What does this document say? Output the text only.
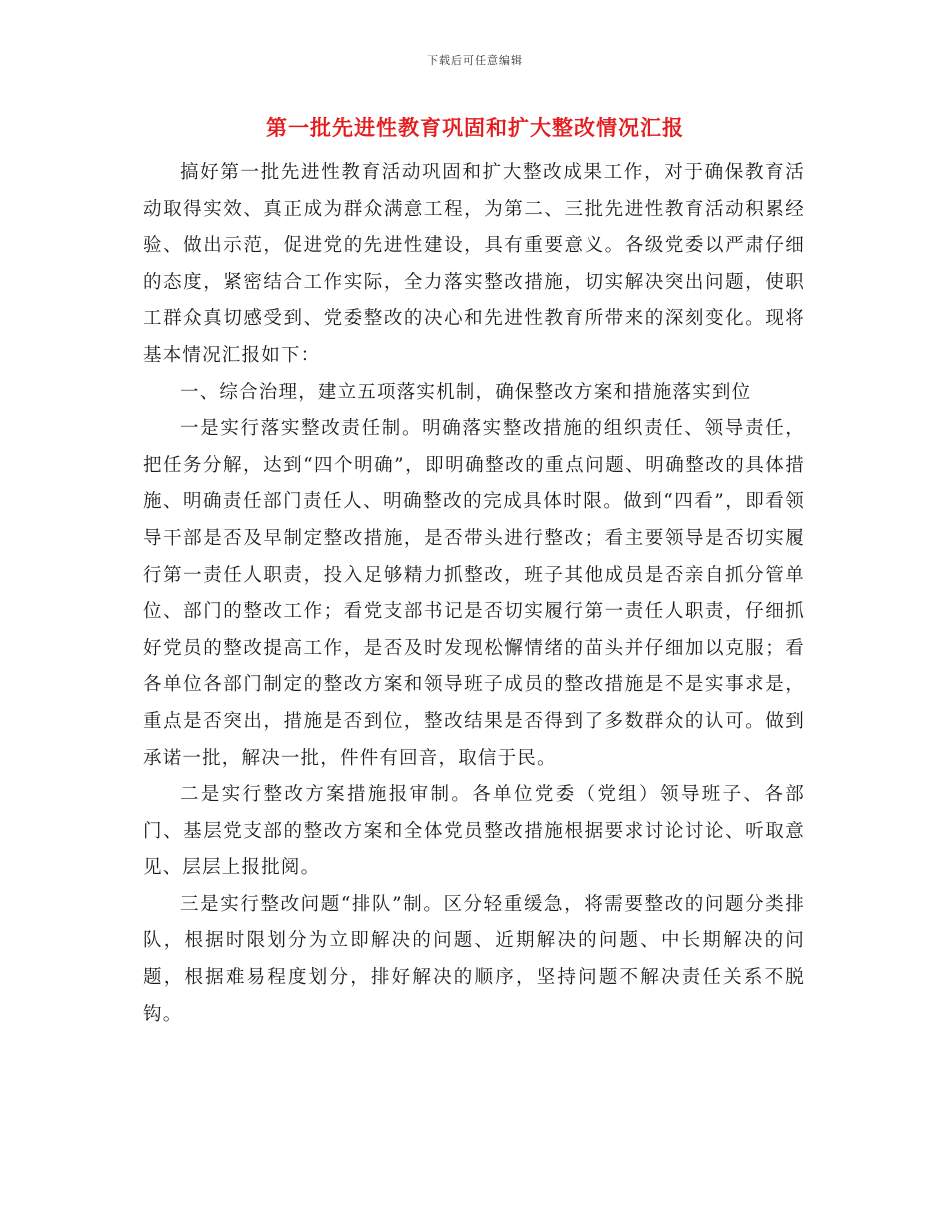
下载后可任意编辑
第一批先进性教育巩固和扩大整改情况汇报

搞好第一批先进性教育活动巩固和扩大整改成果工作，对于确保教育活动取得实效、真正成为群众满意工程，为第二、三批先进性教育活动积累经验、做出示范，促进党的先进性建设，具有重要意义。各级党委以严肃仔细的态度，紧密结合工作实际，全力落实整改措施，切实解决突出问题，使职工群众真切感受到、党委整改的决心和先进性教育所带来的深刻变化。现将基本情况汇报如下：

一、综合治理，建立五项落实机制，确保整改方案和措施落实到位

一是实行落实整改责任制。明确落实整改措施的组织责任、领导责任，把任务分解，达到“四个明确”，即明确整改的重点问题、明确整改的具体措施、明确责任部门责任人、明确整改的完成具体时限。做到“四看”，即看领导干部是否及早制定整改措施，是否带头进行整改；看主要领导是否切实履行第一责任人职责，投入足够精力抓整改，班子其他成员是否亲自抓分管单位、部门的整改工作；看党支部书记是否切实履行第一责任人职责，仔细抓好党员的整改提高工作，是否及时发现松懈情绪的苗头并仔细加以克服；看各单位各部门制定的整改方案和领导班子成员的整改措施是不是实事求是，重点是否突出，措施是否到位，整改结果是否得到了多数群众的认可。做到承诺一批，解决一批，件件有回音，取信于民。

二是实行整改方案措施报审制。各单位党委（党组）领导班子、各部门、基层党支部的整改方案和全体党员整改措施根据要求讨论讨论、听取意见、层层上报批阅。

三是实行整改问题“排队”制。区分轻重缓急，将需要整改的问题分类排队，根据时限划分为立即解决的问题、近期解决的问题、中长期解决的问题，根据难易程度划分，排好解决的顺序，坚持问题不解决责任关系不脱钩。
